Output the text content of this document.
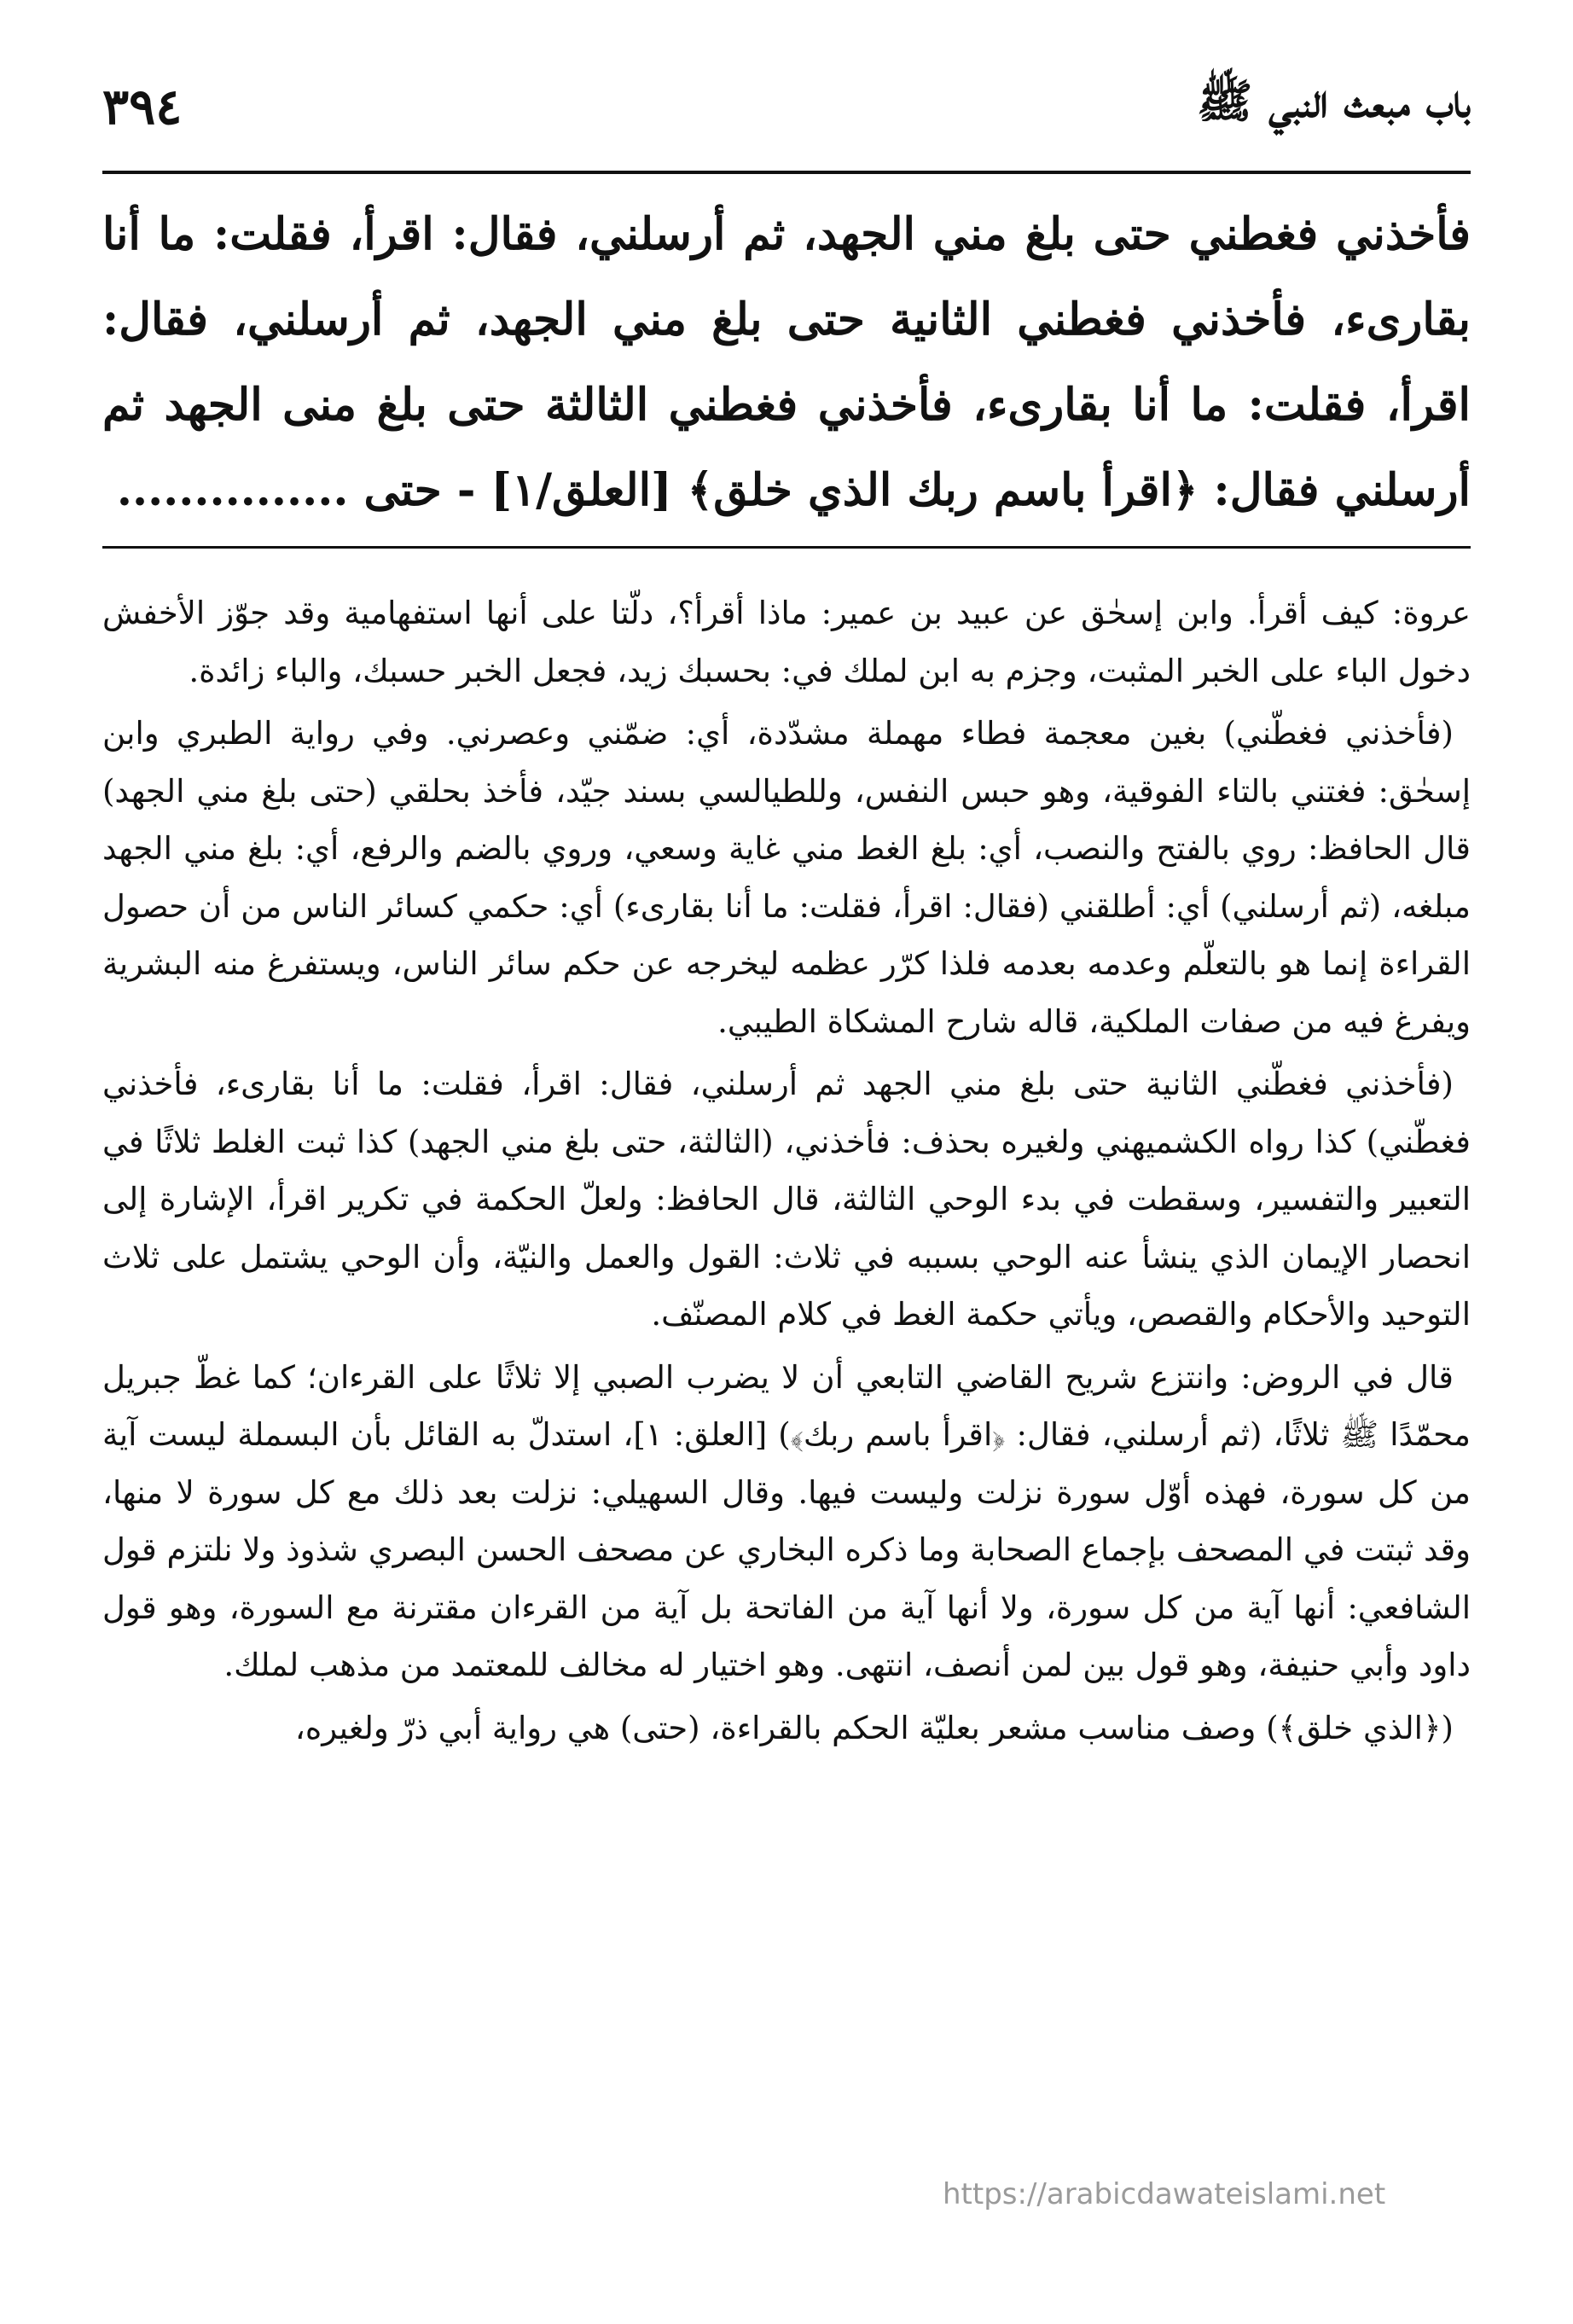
٣٩٤	باب مبعث النبي ﷺ

فأخذني فغطني حتى بلغ مني الجهد، ثم أرسلني، فقال: اقرأ، فقلت: ما أنا بقارىء، فأخذني فغطني الثانية حتى بلغ مني الجهد، ثم أرسلني، فقال: اقرأ، فقلت: ما أنا بقارىء، فأخذني فغطني الثالثة حتى بلغ منى الجهد ثم أرسلني فقال: ﴿اقرأ باسم ربك الذي خلق﴾ [العلق/١] - حتى ...............

عروة: كيف أقرأ. وابن إسحٰق عن عبيد بن عمير: ماذا أقرأ؟، دلّتا على أنها استفهامية وقد جوّز الأخفش دخول الباء على الخبر المثبت، وجزم به ابن لملك في: بحسبك زيد، فجعل الخبر حسبك، والباء زائدة.

(فأخذني فغطّني) بغين معجمة فطاء مهملة مشدّدة، أي: ضمّني وعصرني. وفي رواية الطبري وابن إسحٰق: فغتني بالتاء الفوقية، وهو حبس النفس، وللطيالسي بسند جيّد، فأخذ بحلقي (حتى بلغ مني الجهد) قال الحافظ: روي بالفتح والنصب، أي: بلغ الغط مني غاية وسعي، وروي بالضم والرفع، أي: بلغ مني الجهد مبلغه، (ثم أرسلني) أي: أطلقني (فقال: اقرأ، فقلت: ما أنا بقارىء) أي: حكمي كسائر الناس من أن حصول القراءة إنما هو بالتعلّم وعدمه بعدمه فلذا كرّر عظمه ليخرجه عن حكم سائر الناس، ويستفرغ منه البشرية ويفرغ فيه من صفات الملكية، قاله شارح المشكاة الطيبي.

(فأخذني فغطّني الثانية حتى بلغ مني الجهد ثم أرسلني، فقال: اقرأ، فقلت: ما أنا بقارىء، فأخذني فغطّني) كذا رواه الكشميهني ولغيره بحذف: فأخذني، (الثالثة، حتى بلغ مني الجهد) كذا ثبت الغلط ثلاثًا في التعبير والتفسير، وسقطت في بدء الوحي الثالثة، قال الحافظ: ولعلّ الحكمة في تكرير اقرأ، الإشارة إلى انحصار الإيمان الذي ينشأ عنه الوحي بسببه في ثلاث: القول والعمل والنيّة، وأن الوحي يشتمل على ثلاث التوحيد والأحكام والقصص، ويأتي حكمة الغط في كلام المصنّف.

قال في الروض: وانتزع شريح القاضي التابعي أن لا يضرب الصبي إلا ثلاثًا على القرءان؛ كما غطّ جبريل محمّدًا ﷺ ثلاثًا، (ثم أرسلني، فقال: ﴿اقرأ باسم ربك﴾) [العلق: ١]، استدلّ به القائل بأن البسملة ليست آية من كل سورة، فهذه أوّل سورة نزلت وليست فيها. وقال السهيلي: نزلت بعد ذلك مع كل سورة لا منها، وقد ثبتت في المصحف بإجماع الصحابة وما ذكره البخاري عن مصحف الحسن البصري شذوذ ولا نلتزم قول الشافعي: أنها آية من كل سورة، ولا أنها آية من الفاتحة بل آية من القرءان مقترنة مع السورة، وهو قول داود وأبي حنيفة، وهو قول بين لمن أنصف، انتهى. وهو اختيار له مخالف للمعتمد من مذهب لملك.

(﴿الذي خلق﴾) وصف مناسب مشعر بعليّة الحكم بالقراءة، (حتى) هي رواية أبي ذرّ ولغيره،

https://arabicdawateislami.net
